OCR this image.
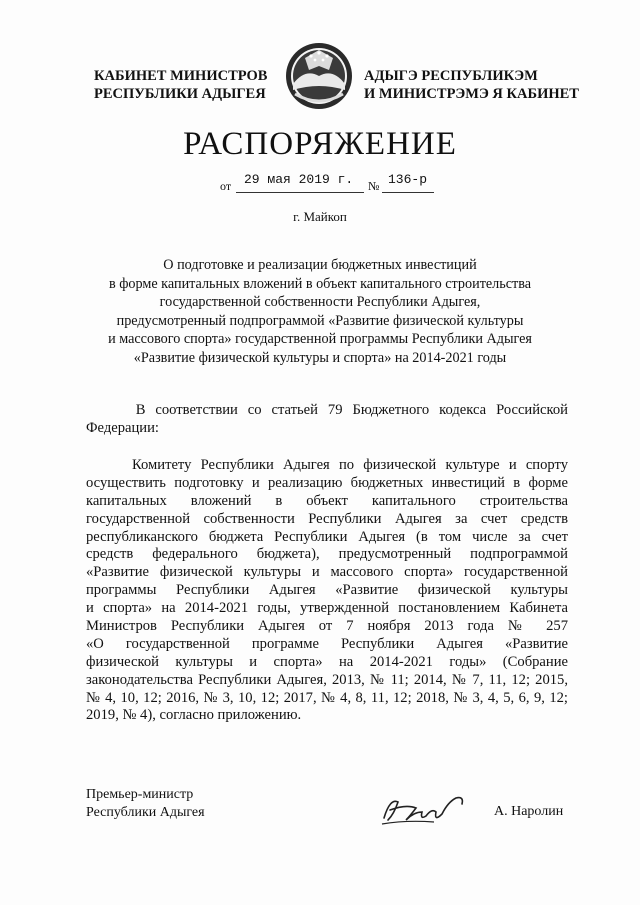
КАБИНЕТ МИНИСТРОВ
РЕСПУБЛИКИ АДЫГЕЯ
АДЫГЭ РЕСПУБЛИКЭМ
И МИНИСТРЭМЭ Я КАБИНЕТ
РАСПОРЯЖЕНИЕ
от 29 мая 2019 г. № 136-р
г. Майкоп
О подготовке и реализации бюджетных инвестиций
в форме капитальных вложений в объект капитального строительства
государственной собственности Республики Адыгея,
предусмотренный подпрограммой «Развитие физической культуры
и массового спорта» государственной программы Республики Адыгея
«Развитие физической культуры и спорта» на 2014-2021 годы
В соответствии со статьей 79 Бюджетного кодекса Российской
Федерации:
Комитету Республики Адыгея по физической культуре и спорту
осуществить подготовку и реализацию бюджетных инвестиций в форме
капитальных вложений в объект капитального строительства
государственной собственности Республики Адыгея за счет средств
республиканского бюджета Республики Адыгея (в том числе за счет
средств федерального бюджета), предусмотренный подпрограммой
«Развитие физической культуры и массового спорта» государственной
программы Республики Адыгея «Развитие физической культуры
и спорта» на 2014-2021 годы, утвержденной постановлением Кабинета
Министров Республики Адыгея от 7 ноября 2013 года № 257
«О государственной программе Республики Адыгея «Развитие
физической культуры и спорта» на 2014-2021 годы» (Собрание
законодательства Республики Адыгея, 2013, № 11; 2014, № 7, 11, 12; 2015,
№ 4, 10, 12; 2016, № 3, 10, 12; 2017, № 4, 8, 11, 12; 2018, № 3, 4, 5, 6, 9, 12;
2019, № 4), согласно приложению.
Премьер-министр
Республики Адыгея	А. Наролин
